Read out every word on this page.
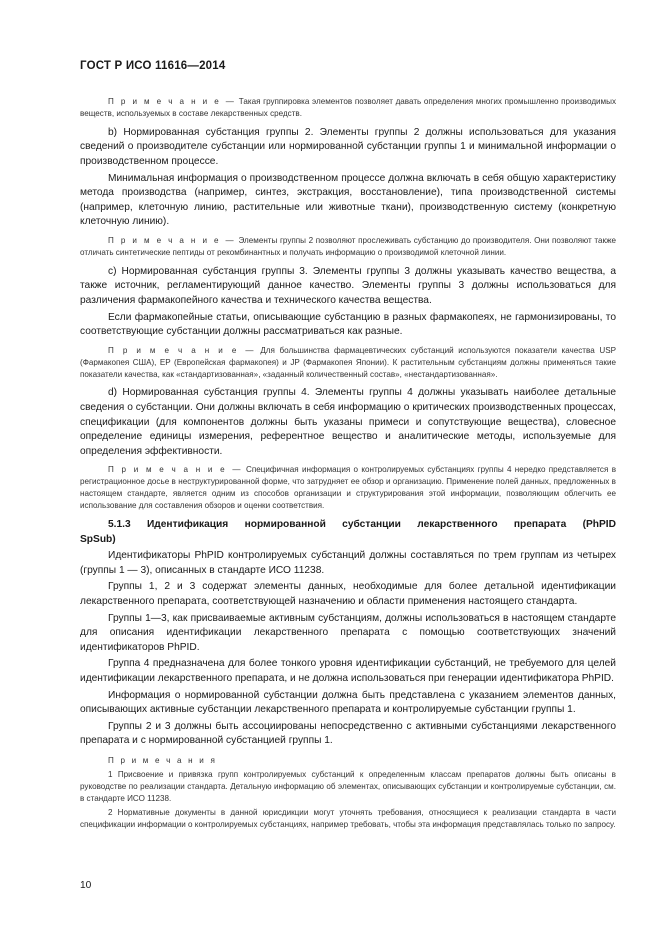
ГОСТ Р ИСО 11616—2014

П р и м е ч а н и е — Такая группировка элементов позволяет давать определения многих промышленно производимых веществ, используемых в составе лекарственных средств.

b) Нормированная субстанция группы 2. Элементы группы 2 должны использоваться для указания сведений о производителе субстанции или нормированной субстанции группы 1 и минимальной информации о производственном процессе.

Минимальная информация о производственном процессе должна включать в себя общую характеристику метода производства (например, синтез, экстракция, восстановление), типа производственной системы (например, клеточную линию, растительные или животные ткани), производственную систему (конкретную клеточную линию).

П р и м е ч а н и е — Элементы группы 2 позволяют прослеживать субстанцию до производителя. Они позволяют также отличать синтетические пептиды от рекомбинантных и получать информацию о производимой клеточной линии.

c) Нормированная субстанция группы 3. Элементы группы 3 должны указывать качество вещества, а также источник, регламентирующий данное качество. Элементы группы 3 должны использоваться для различения фармакопейного качества и технического качества вещества.

Если фармакопейные статьи, описывающие субстанцию в разных фармакопеях, не гармонизированы, то соответствующие субстанции должны рассматриваться как разные.

П р и м е ч а н и е — Для большинства фармацевтических субстанций используются показатели качества USP (Фармакопея США), EP (Европейская фармакопея) и JP (Фармакопея Японии). К растительным субстанциям должны применяться такие показатели качества, как «стандартизованная», «заданный количественный состав», «нестандартизованная».

d) Нормированная субстанция группы 4. Элементы группы 4 должны указывать наиболее детальные сведения о субстанции. Они должны включать в себя информацию о критических производственных процессах, спецификации (для компонентов должны быть указаны примеси и сопутствующие вещества), словесное определение единицы измерения, референтное вещество и аналитические методы, используемые для определения эффективности.

П р и м е ч а н и е — Специфичная информация о контролируемых субстанциях группы 4 нередко представляется в регистрационное досье в неструктурированной форме, что затрудняет ее обзор и организацию. Применение полей данных, предложенных в настоящем стандарте, является одним из способов организации и структурирования этой информации, позволяющим облегчить ее использование для составления обзоров и оценки соответствия.

5.1.3 Идентификация нормированной субстанции лекарственного препарата (PhPID

SpSub)

Идентификаторы PhPID контролируемых субстанций должны составляться по трем группам из четырех (группы 1 — 3), описанных в стандарте ИСО 11238.

Группы 1, 2 и 3 содержат элементы данных, необходимые для более детальной идентификации лекарственного препарата, соответствующей назначению и области применения настоящего стандарта.

Группы 1—3, как присваиваемые активным субстанциям, должны использоваться в настоящем стандарте для описания идентификации лекарственного препарата с помощью соответствующих значений идентификаторов PhPID.

Группа 4 предназначена для более тонкого уровня идентификации субстанций, не требуемого для целей идентификации лекарственного препарата, и не должна использоваться при генерации идентификатора PhPID.

Информация о нормированной субстанции должна быть представлена с указанием элементов данных, описывающих активные субстанции лекарственного препарата и контролируемые субстанции группы 1.

Группы 2 и 3 должны быть ассоциированы непосредственно с активными субстанциями лекарственного препарата и с нормированной субстанцией группы 1.

П р и м е ч а н и я

1 Присвоение и привязка групп контролируемых субстанций к определенным классам препаратов должны быть описаны в руководстве по реализации стандарта. Детальную информацию об элементах, описывающих субстанции и контролируемые субстанции, см. в стандарте ИСО 11238.

2 Нормативные документы в данной юрисдикции могут уточнять требования, относящиеся к реализации стандарта в части спецификации информации о контролируемых субстанциях, например требовать, чтобы эта информация представлялась только по запросу.

10
